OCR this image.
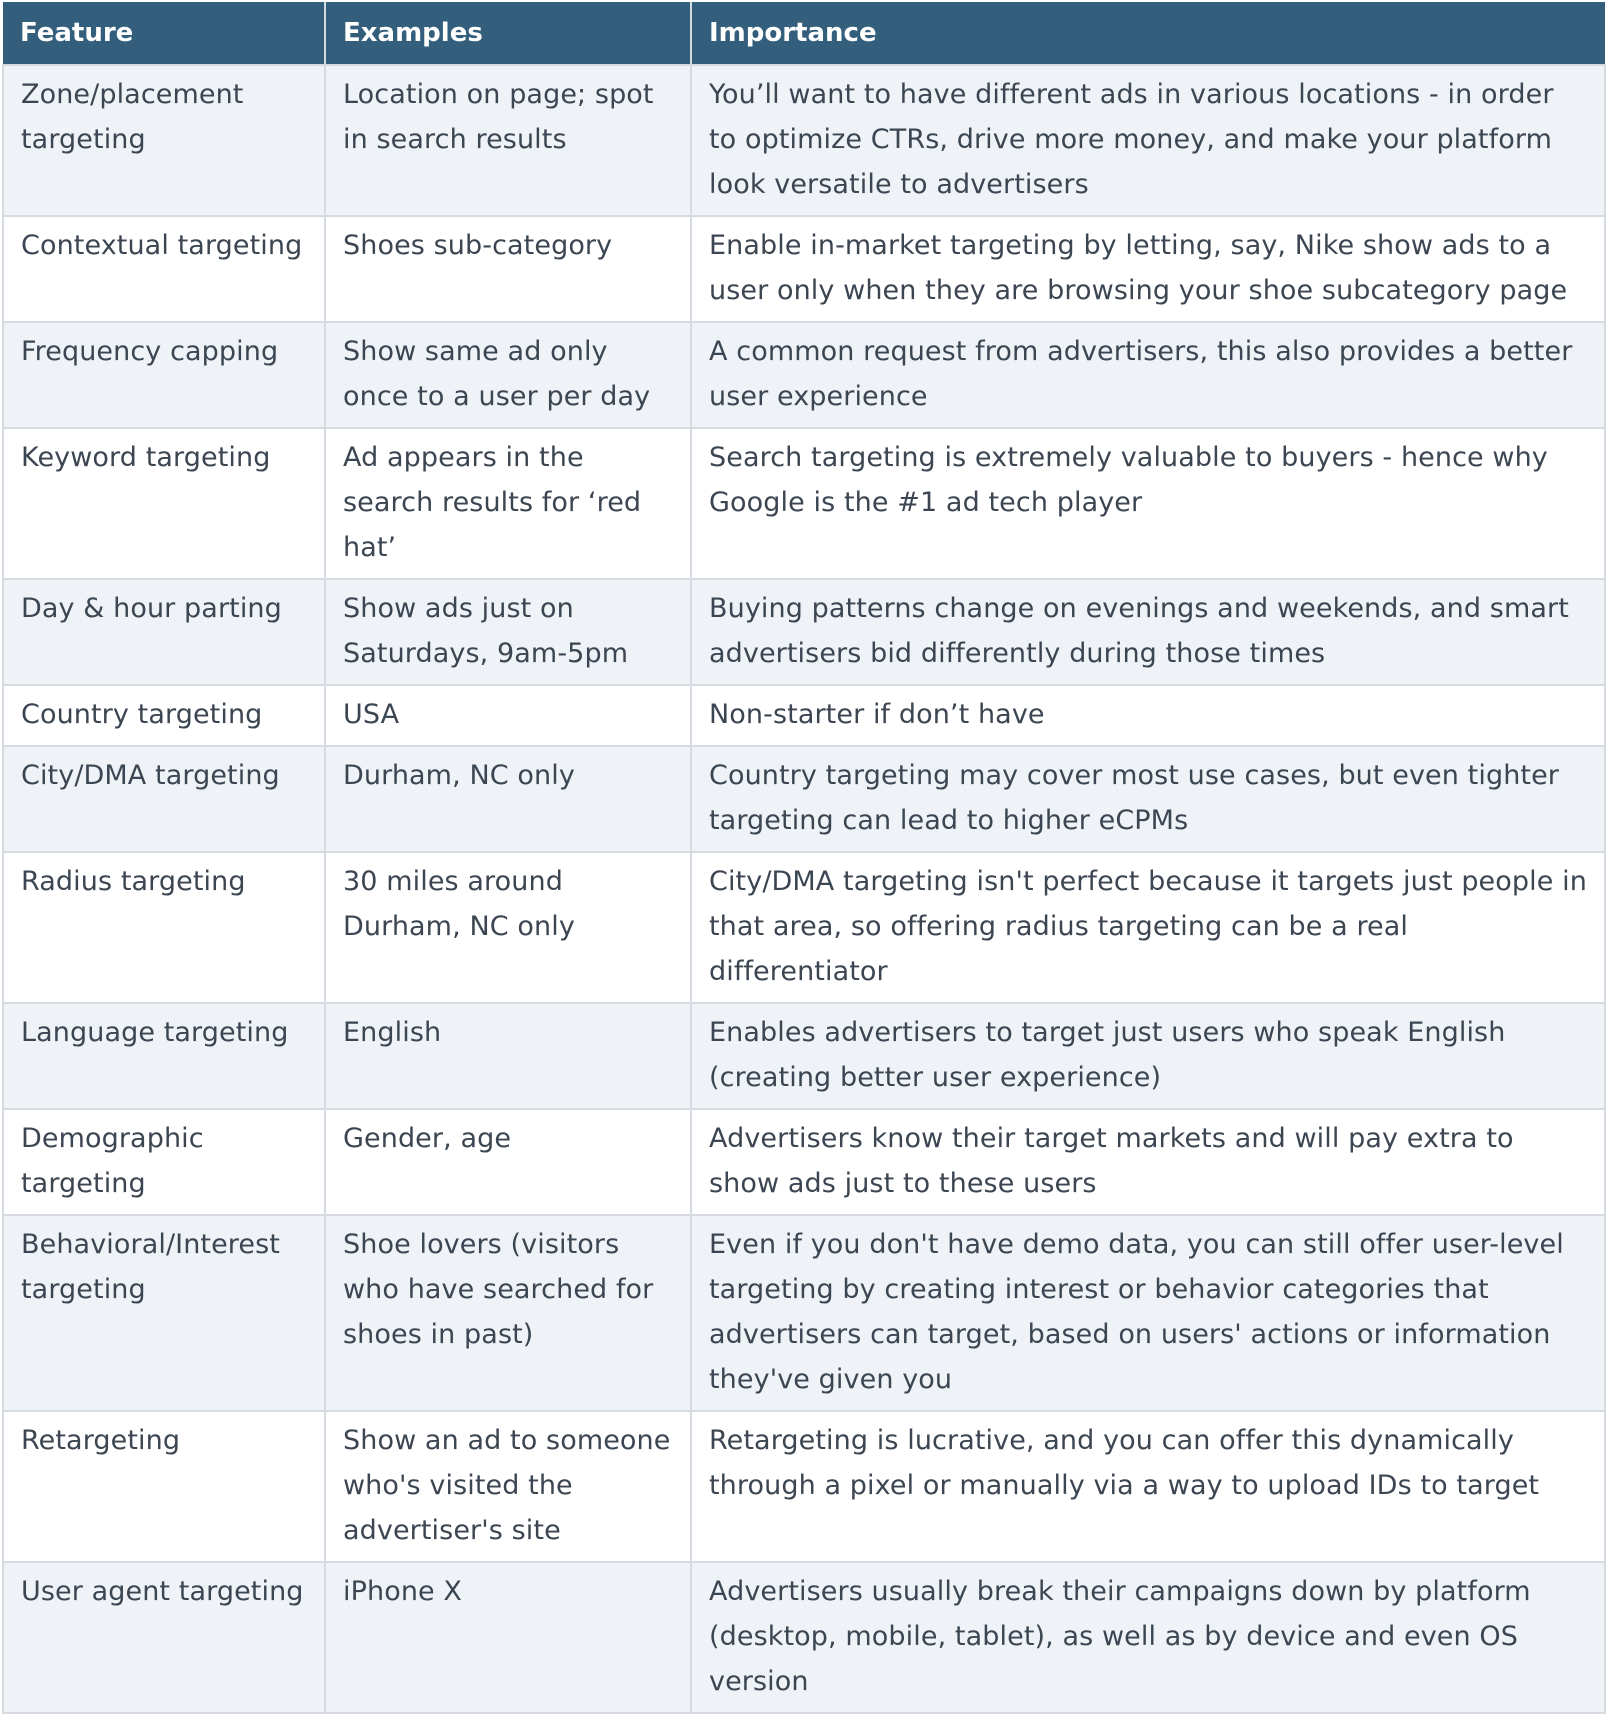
Feature	Examples	Importance
Zone/placement targeting	Location on page; spot in search results	You’ll want to have different ads in various locations - in order to optimize CTRs, drive more money, and make your platform look versatile to advertisers
Contextual targeting	Shoes sub-category	Enable in-market targeting by letting, say, Nike show ads to a user only when they are browsing your shoe subcategory page
Frequency capping	Show same ad only once to a user per day	A common request from advertisers, this also provides a better user experience
Keyword targeting	Ad appears in the search results for ‘red hat’	Search targeting is extremely valuable to buyers - hence why Google is the #1 ad tech player
Day & hour parting	Show ads just on Saturdays, 9am-5pm	Buying patterns change on evenings and weekends, and smart advertisers bid differently during those times
Country targeting	USA	Non-starter if don’t have
City/DMA targeting	Durham, NC only	Country targeting may cover most use cases, but even tighter targeting can lead to higher eCPMs
Radius targeting	30 miles around Durham, NC only	City/DMA targeting isn't perfect because it targets just people in that area, so offering radius targeting can be a real differentiator
Language targeting	English	Enables advertisers to target just users who speak English (creating better user experience)
Demographic targeting	Gender, age	Advertisers know their target markets and will pay extra to show ads just to these users
Behavioral/Interest targeting	Shoe lovers (visitors who have searched for shoes in past)	Even if you don't have demo data, you can still offer user-level targeting by creating interest or behavior categories that advertisers can target, based on users' actions or information they've given you
Retargeting	Show an ad to someone who's visited the advertiser's site	Retargeting is lucrative, and you can offer this dynamically through a pixel or manually via a way to upload IDs to target
User agent targeting	iPhone X	Advertisers usually break their campaigns down by platform (desktop, mobile, tablet), as well as by device and even OS version
